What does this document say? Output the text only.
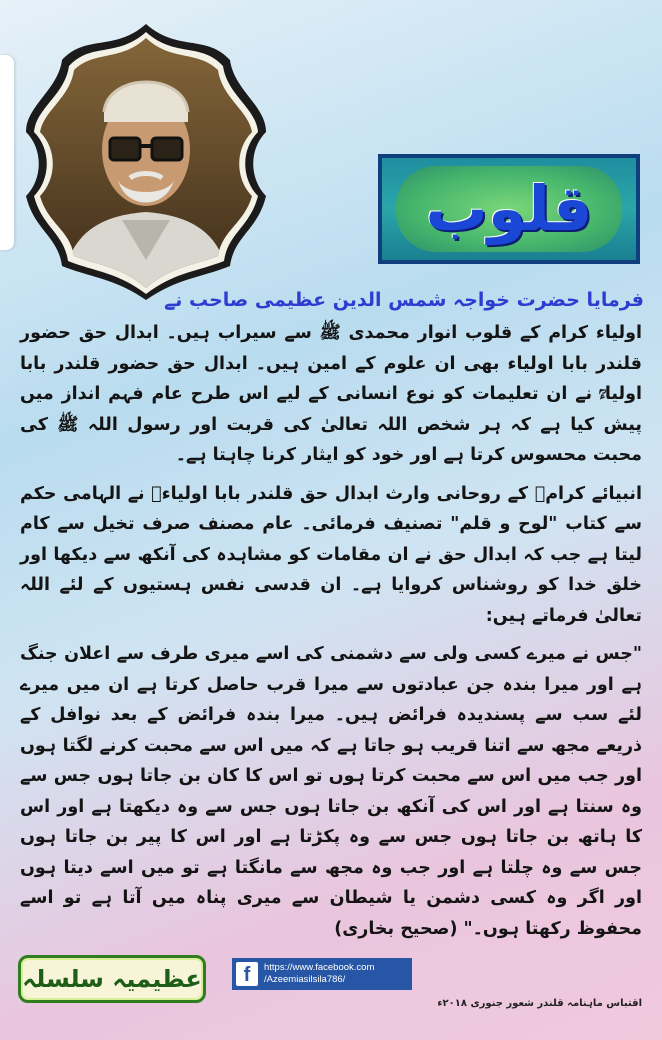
قلوب
فرمایا حضرت خواجہ شمس الدین عظیمی صاحب نے

اولیاء کرام کے قلوب انوار محمدی ﷺ سے سیراب ہیں۔ ابدال حق حضور قلندر بابا اولیاء بھی ان علوم کے امین ہیں۔ ابدال حق حضور قلندر بابا اولیاءؒ نے ان تعلیمات کو نوع انسانی کے لیے اس طرح عام فہم انداز میں پیش کیا ہے کہ ہر شخص اللہ تعالیٰ کی قربت اور رسول اللہ ﷺ کی محبت محسوس کرتا ہے اور خود کو ایثار کرنا چاہتا ہے۔

انبیائے کرامؑ کے روحانی وارث ابدال حق قلندر بابا اولیاءؒ نے الہامی حکم سے کتاب "لوح و قلم" تصنیف فرمائی۔ عام مصنف صرف تخیل سے کام لیتا ہے جب کہ ابدال حق نے ان مقامات کو مشاہدہ کی آنکھ سے دیکھا اور خلق خدا کو روشناس کروایا ہے۔ ان قدسی نفس ہستیوں کے لئے اللہ تعالیٰ فرماتے ہیں:

"جس نے میرے کسی ولی سے دشمنی کی اسے میری طرف سے اعلان جنگ ہے اور میرا بندہ جن عبادتوں سے میرا قرب حاصل کرتا ہے ان میں میرے لئے سب سے پسندیدہ فرائض ہیں۔ میرا بندہ فرائض کے بعد نوافل کے ذریعے مجھ سے اتنا قریب ہو جاتا ہے کہ میں اس سے محبت کرنے لگتا ہوں اور جب میں اس سے محبت کرتا ہوں تو اس کا کان بن جاتا ہوں جس سے وہ سنتا ہے اور اس کی آنکھ بن جاتا ہوں جس سے وہ دیکھتا ہے اور اس کا ہاتھ بن جاتا ہوں جس سے وہ پکڑتا ہے اور اس کا پیر بن جاتا ہوں جس سے وہ چلتا ہے اور جب وہ مجھ سے مانگتا ہے تو میں اسے دیتا ہوں اور اگر وہ کسی دشمن یا شیطان سے میری پناہ میں آتا ہے تو اسے محفوظ رکھتا ہوں۔" (صحیح بخاری)

عظیمیہ سلسلہ	f	https://www.facebook.com
/Azeemiasilsila786/
اقتباس ماہنامہ قلندر شعور جنوری ۲۰۱۸ء
